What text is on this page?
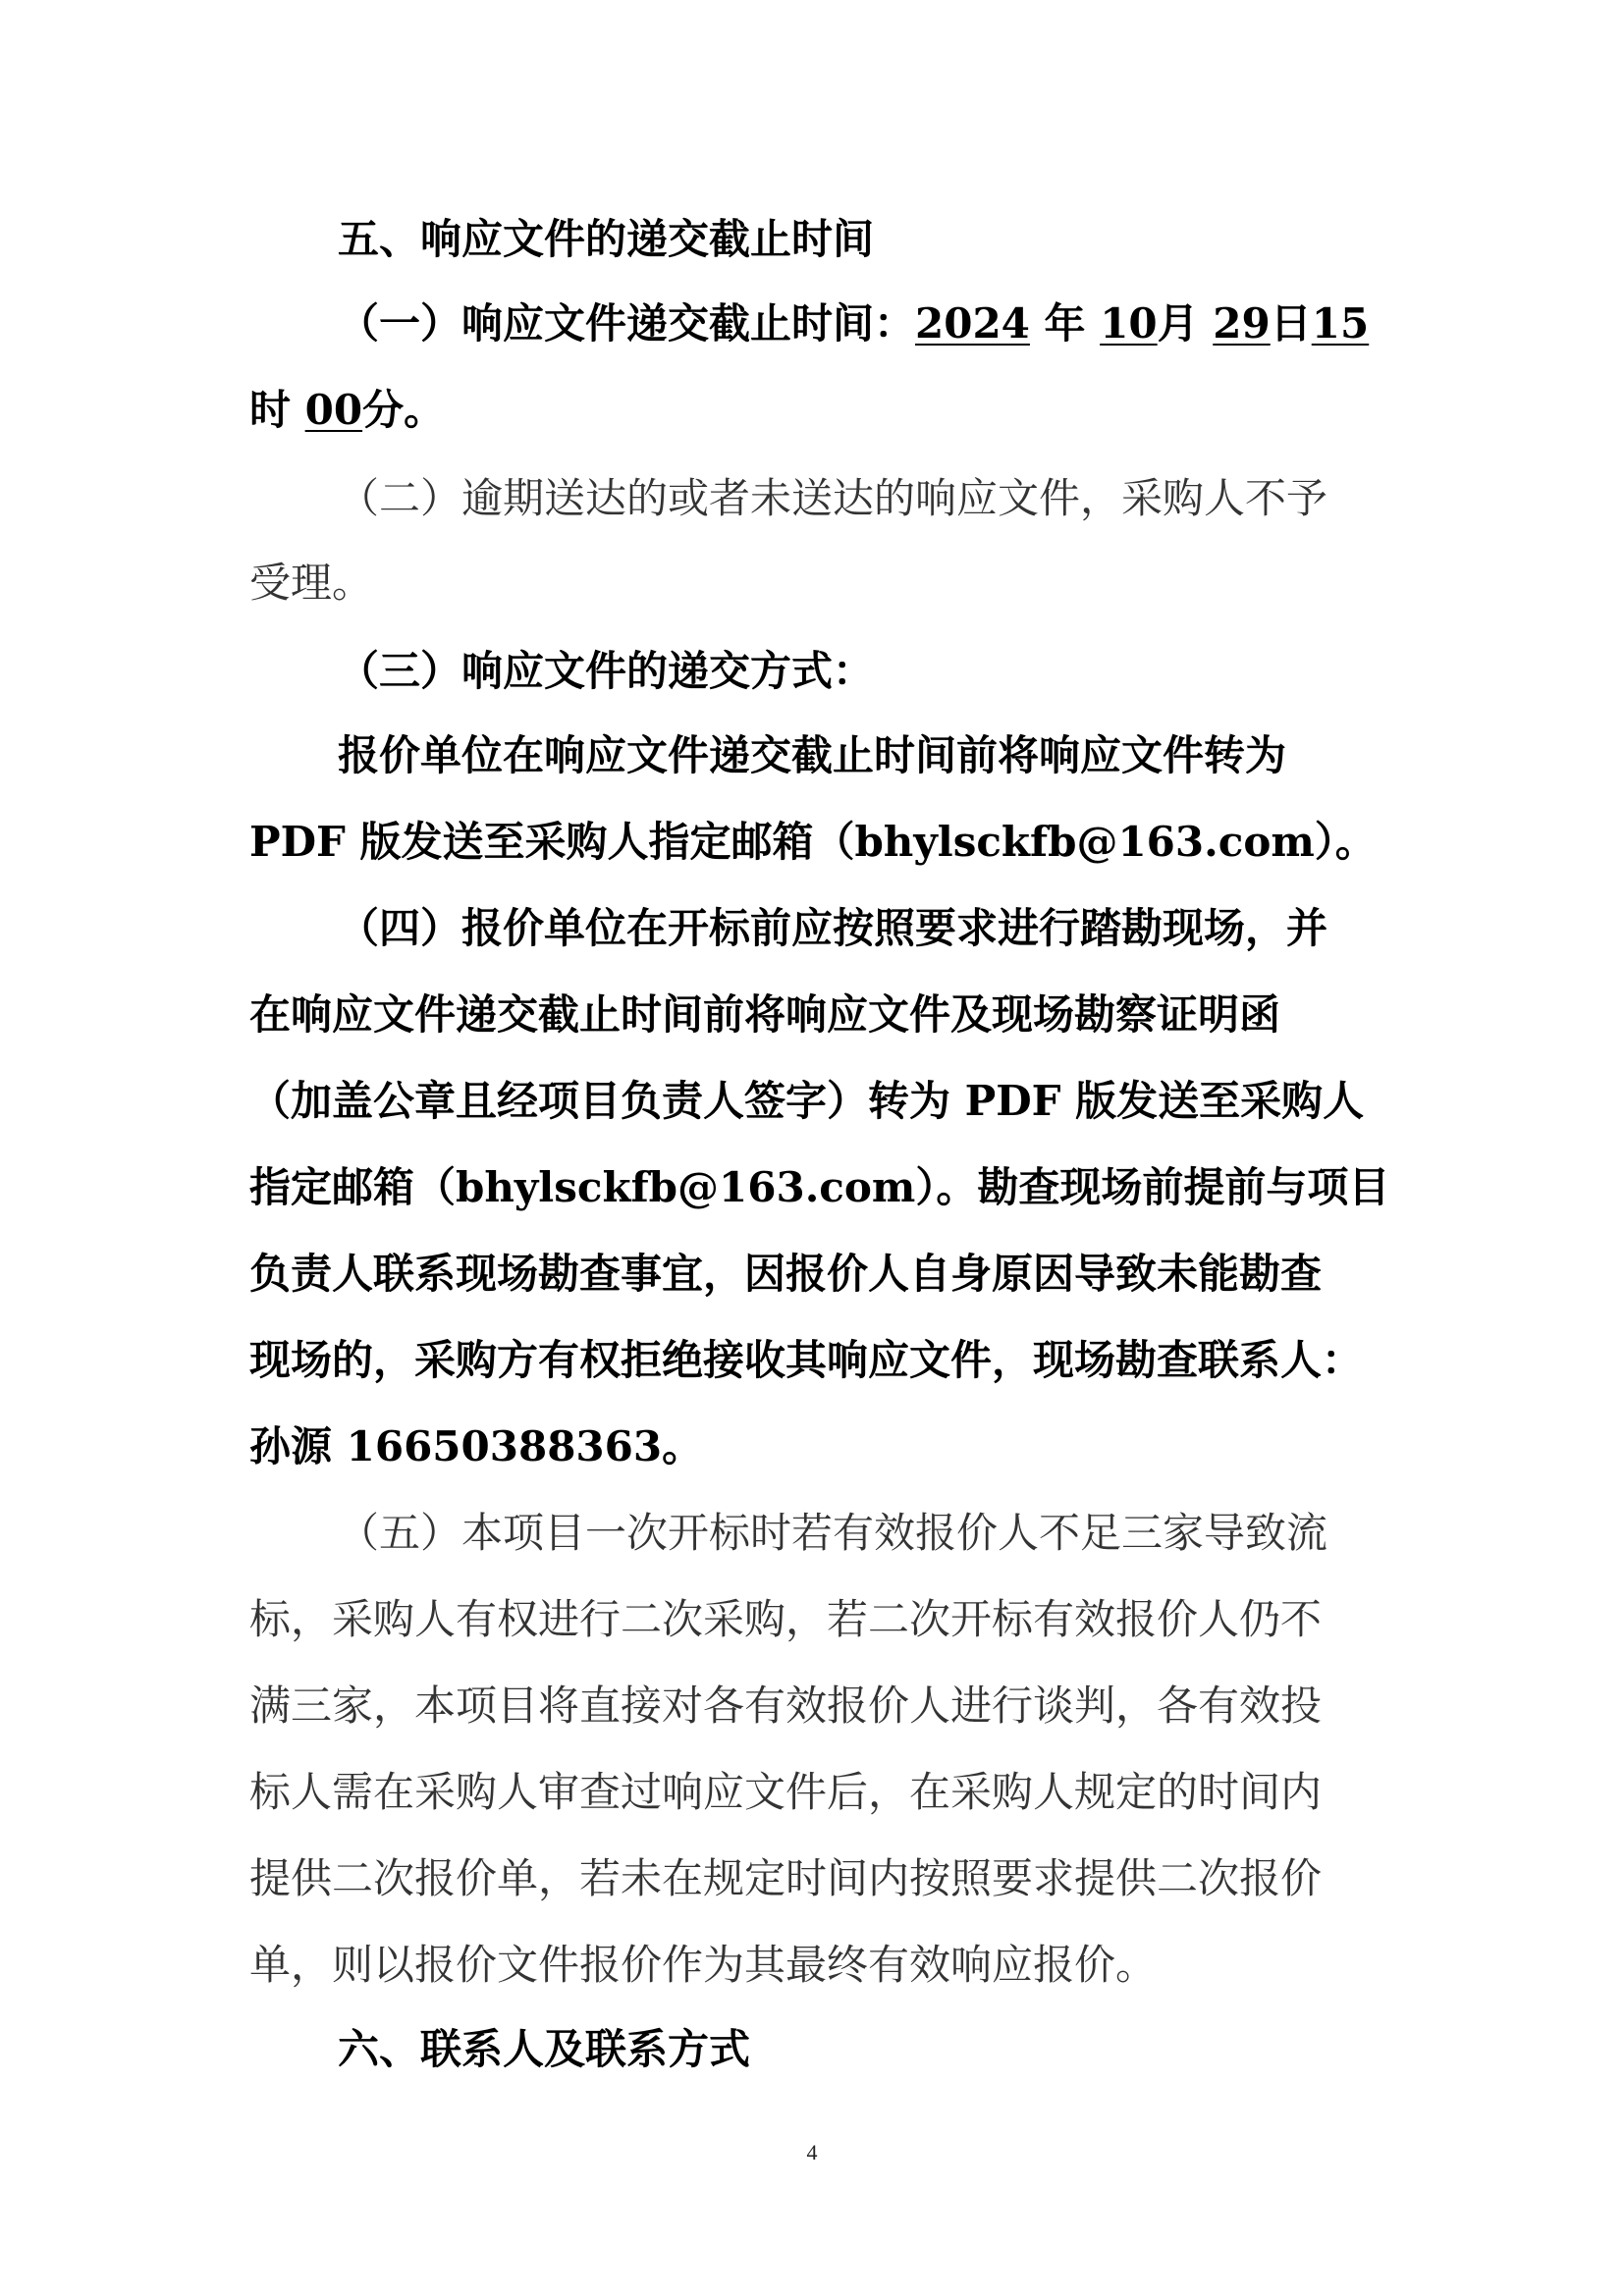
五、响应文件的递交截止时间
（一）响应文件递交截止时间：2024 年 10月 29日15
时 00分。
（二）逾期送达的或者未送达的响应文件，采购人不予
受理。
（三）响应文件的递交方式：
报价单位在响应文件递交截止时间前将响应文件转为
PDF 版发送至采购人指定邮箱（bhylsckfb@163.com）。
（四）报价单位在开标前应按照要求进行踏勘现场，并
在响应文件递交截止时间前将响应文件及现场勘察证明函
（加盖公章且经项目负责人签字）转为 PDF 版发送至采购人
指定邮箱（bhylsckfb@163.com）。勘查现场前提前与项目
负责人联系现场勘查事宜，因报价人自身原因导致未能勘查
现场的，采购方有权拒绝接收其响应文件，现场勘查联系人：
孙源 16650388363。
（五）本项目一次开标时若有效报价人不足三家导致流
标，采购人有权进行二次采购，若二次开标有效报价人仍不
满三家，本项目将直接对各有效报价人进行谈判，各有效投
标人需在采购人审查过响应文件后，在采购人规定的时间内
提供二次报价单，若未在规定时间内按照要求提供二次报价
单，则以报价文件报价作为其最终有效响应报价。
六、联系人及联系方式
4
